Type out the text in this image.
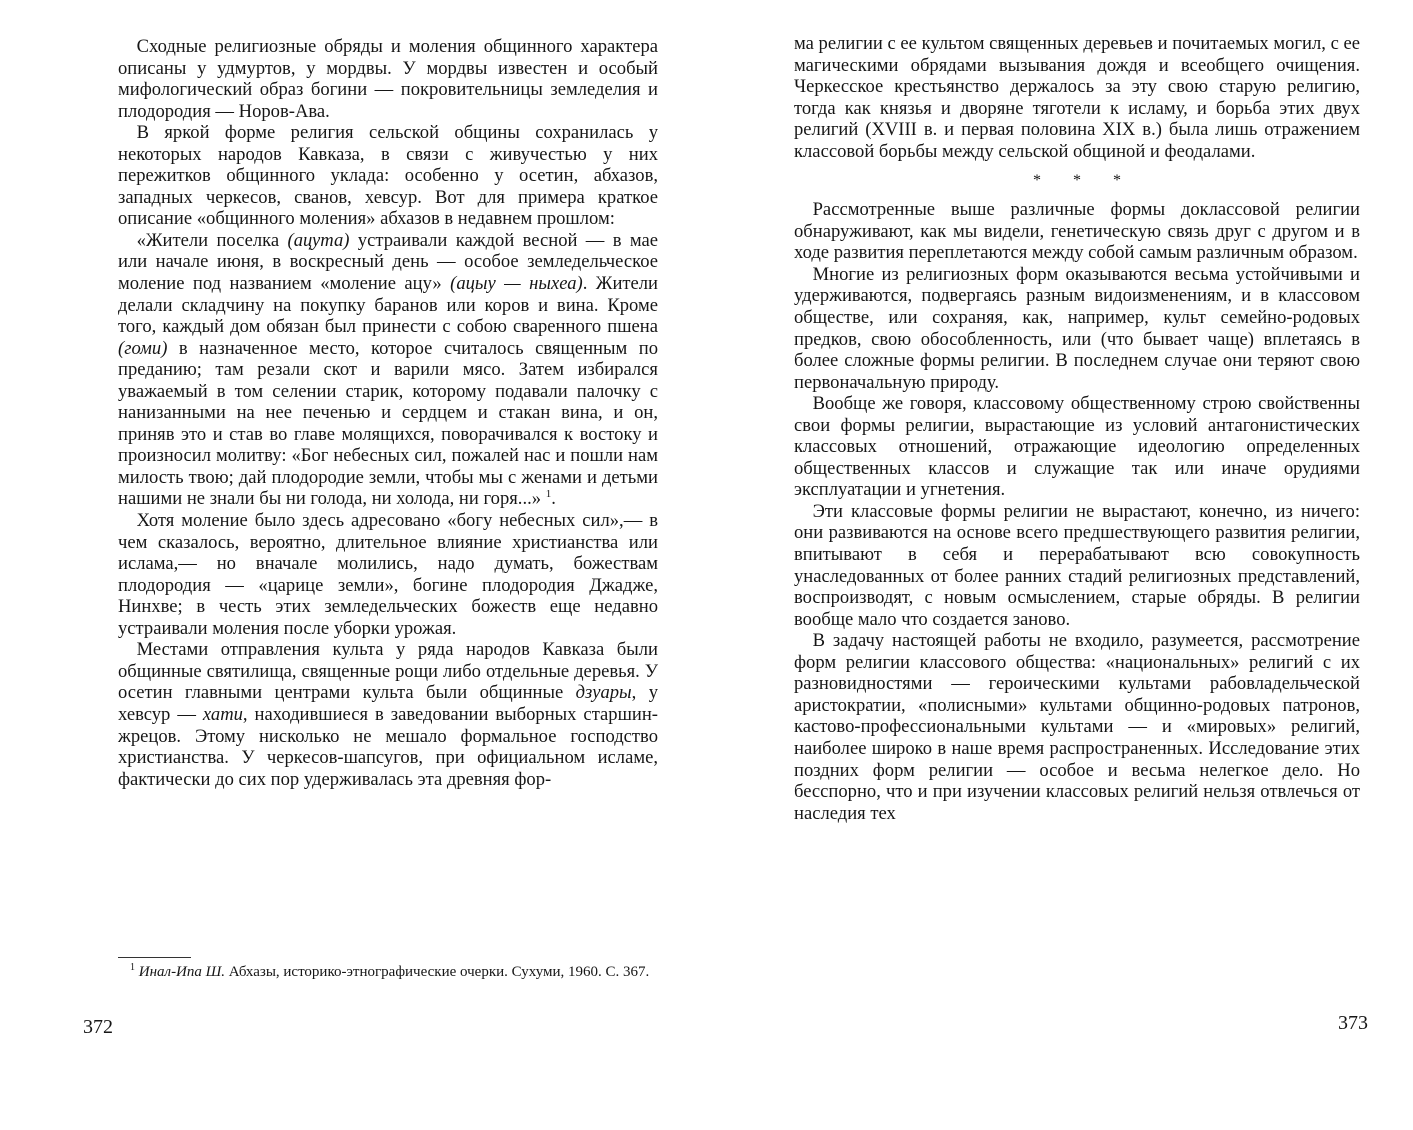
Сходные религиозные обряды и моления общинного характера описаны у удмуртов, у мордвы. У мордвы известен и особый мифологический образ богини — покровительницы земледелия и плодородия — Норов-Ава.

В яркой форме религия сельской общины сохранилась у некоторых народов Кавказа, в связи с живучестью у них пережитков общинного уклада: особенно у осетин, абхазов, западных черкесов, сванов, хевсур. Вот для примера краткое описание «общинного моления» абхазов в недавнем прошлом:

«Жители поселка (ацута) устраивали каждой весной — в мае или начале июня, в воскресный день — особое земледельческое моление под названием «моление ацу» (ацыу — ныхеа). Жители делали складчину на покупку баранов или коров и вина. Кроме того, каждый дом обязан был принести с собою сваренного пшена (гоми) в назначенное место, которое считалось священным по преданию; там резали скот и варили мясо. Затем избирался уважаемый в том селении старик, которому подавали палочку с нанизанными на нее печенью и сердцем и стакан вина, и он, приняв это и став во главе молящихся, поворачивался к востоку и произносил молитву: «Бог небесных сил, пожалей нас и пошли нам милость твою; дай плодородие земли, чтобы мы с женами и детьми нашими не знали бы ни голода, ни холода, ни горя...» $^1$.

Хотя моление было здесь адресовано «богу небесных сил»,— в чем сказалось, вероятно, длительное влияние христианства или ислама,— но вначале молились, надо думать, божествам плодородия — «царице земли», богине плодородия Джадже, Нинхве; в честь этих земледельческих божеств еще недавно устраивали моления после уборки урожая.

Местами отправления культа у ряда народов Кавказа были общинные святилища, священные рощи либо отдельные деревья. У осетин главными центрами культа были общинные дзуары, у хевсур — хати, находившиеся в заведовании выборных старшин-жрецов. Этому нисколько не мешало формальное господство христианства. У черкесов-шапсугов, при официальном исламе, фактически до сих пор удерживалась эта древняя фор-

$^1$ Инал-Ипа Ш. Абхазы, историко-этнографические очерки. Сухуми, 1960. С. 367.

372

ма религии с ее культом священных деревьев и почитаемых могил, с ее магическими обрядами вызывания дождя и всеобщего очищения. Черкесское крестьянство держалось за эту свою старую религию, тогда как князья и дворяне тяготели к исламу, и борьба этих двух религий (XVIII в. и первая половина XIX в.) была лишь отражением классовой борьбы между сельской общиной и феодалами.

* * *

Рассмотренные выше различные формы доклассовой религии обнаруживают, как мы видели, генетическую связь друг с другом и в ходе развития переплетаются между собой самым различным образом.

Многие из религиозных форм оказываются весьма устойчивыми и удерживаются, подвергаясь разным видоизменениям, и в классовом обществе, или сохраняя, как, например, культ семейно-родовых предков, свою обособленность, или (что бывает чаще) вплетаясь в более сложные формы религии. В последнем случае они теряют свою первоначальную природу.

Вообще же говоря, классовому общественному строю свойственны свои формы религии, вырастающие из условий антагонистических классовых отношений, отражающие идеологию определенных общественных классов и служащие так или иначе орудиями эксплуатации и угнетения.

Эти классовые формы религии не вырастают, конечно, из ничего: они развиваются на основе всего предшествующего развития религии, впитывают в себя и перерабатывают всю совокупность унаследованных от более ранних стадий религиозных представлений, воспроизводят, с новым осмыслением, старые обряды. В религии вообще мало что создается заново.

В задачу настоящей работы не входило, разумеется, рассмотрение форм религии классового общества: «национальных» религий с их разновидностями — героическими культами рабовладельческой аристократии, «полисными» культами общинно-родовых патронов, кастово-профессиональными культами — и «мировых» религий, наиболее широко в наше время распространенных. Исследование этих поздних форм религии — особое и весьма нелегкое дело. Но бесспорно, что и при изучении классовых религий нельзя отвлечься от наследия тех

373
